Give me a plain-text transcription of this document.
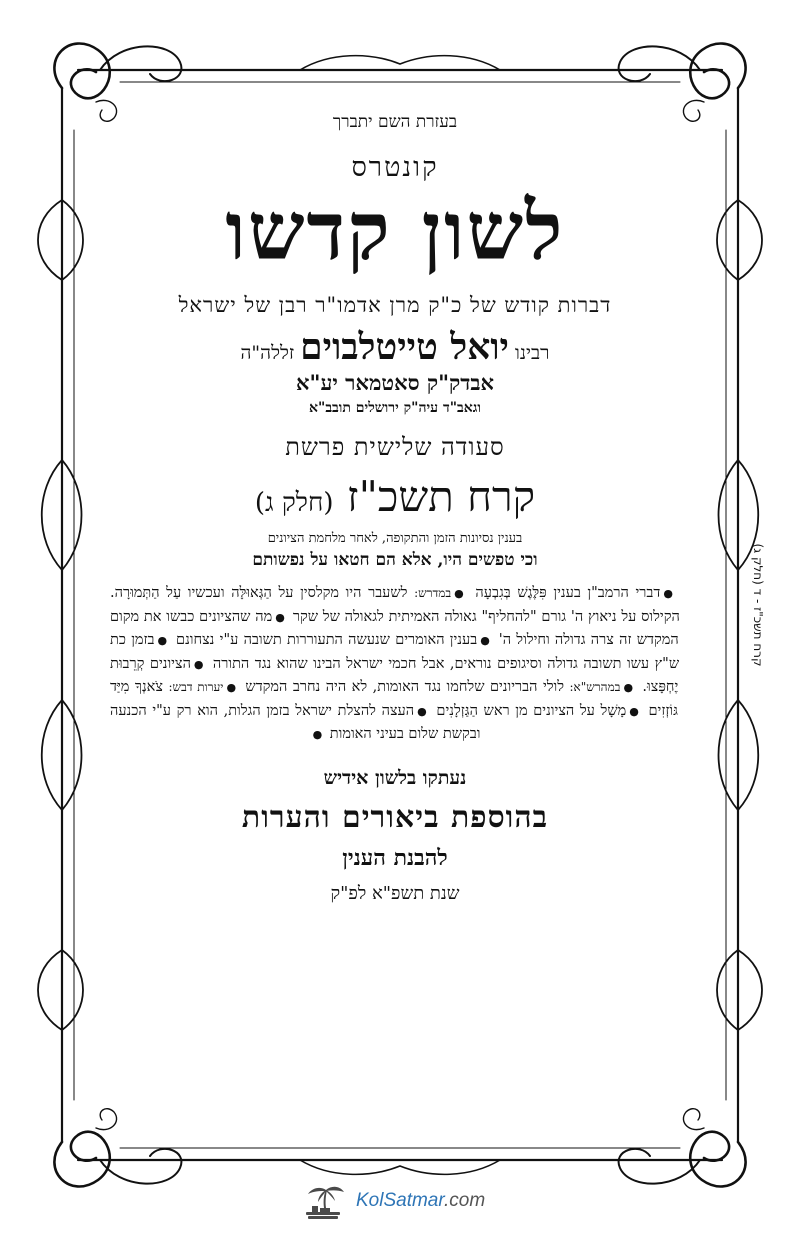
בעזרת השם יתברך
קונטרס
לשון קדשו
דברות קודש של כ"ק מרן אדמו"ר רבן של ישראל
רבינויואל טייטלבויםזללה"ה
אבדק"ק סאטמאר יע"א
וגאב"ד עיה"ק ירושלים תובב"א
סעודה שלישית פרשת
קרח תשכ"ז (חלק ג)
בענין נסיונות הזמן והתקופה, לאחר מלחמת הציונים
וכי טפשים היו, אלא הם חטאו על נפשותם
●דברי הרמב"ן בענין פִּלֶּגֶשׁ בְּגִבְעָה ●במדרש: לשעבר היו מקלסין על הַגְּאוּלָּה ועכשיו עַל הַתְּמוּרָה. הקילוס על ניאוץ ה' גורם "להחליף" גאולה האמיתית לגאולה של שקר ●מה שהציונים כבשו את מקום המקדש זה צרה גדולה וחילול ה' ●בענין האומרים שנעשה התעוררות תשובה ע"י נצחונם ●בזמן כת ש"ץ עשו תשובה גדולה וסיגופים נוראים, אבל חכמי ישראל הבינו שהוא נגד התורה ●הציונים קְרֵבוּת יֶחְפָּצוּ. ●במהרש"א: לולי הבריונים שלחמו נגד האומות, לא היה נחרב המקדש ●יערות דבש: צֹאנְךָ מִיַּד גּוֹזְזִים ●מָשָׁל על הציונים מן ראש הַגַּזְלָנִים ●העצה להצלת ישראל בזמן הגלות, הוא רק ע"י הכנעה ובקשת שלום בעיני האומות ●
נעתקו בלשון אידיש
בהוספת ביאורים והערות
להבנת הענין
שנת תשפ"א לפ"ק
קרח תשכ"ז - ד (חלק ג)
KolSatmar.com
